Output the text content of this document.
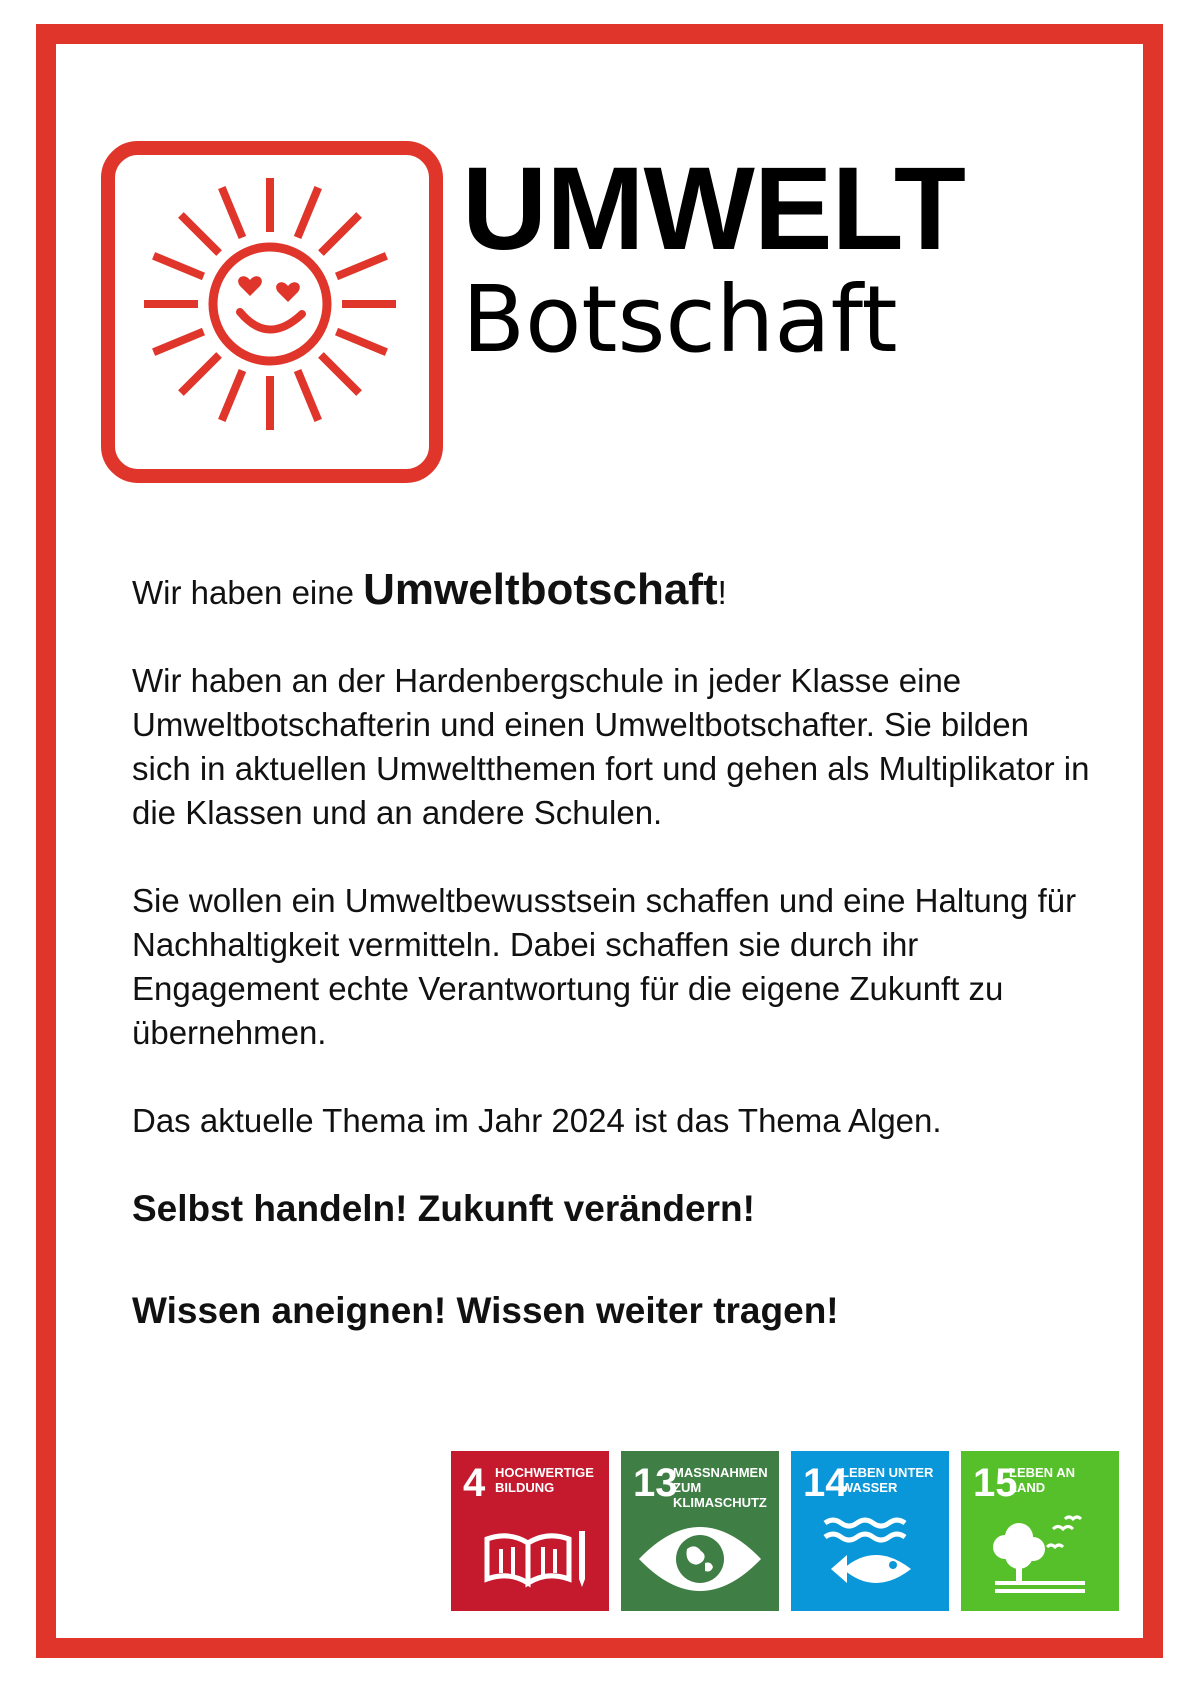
UMWELT
Botschaft

Wir haben eine Umweltbotschaft!

Wir haben an der Hardenbergschule in jeder Klasse eine Umweltbotschafterin und einen Umweltbotschafter. Sie bilden sich in aktuellen Umweltthemen fort und gehen als Multiplikator in die Klassen und an andere Schulen.

Sie wollen ein Umweltbewusstsein schaffen und eine Haltung für Nachhaltigkeit vermitteln. Dabei schaffen sie durch ihr Engagement echte Verantwortung für die eigene Zukunft zu übernehmen.

Das aktuelle Thema im Jahr 2024 ist das Thema Algen.

Selbst handeln! Zukunft verändern!

Wissen aneignen! Wissen weiter tragen!

4 HOCHWERTIGE BILDUNG	13
MASSNAHMEN ZUM KLIMASCHUTZ 14
LEBEN UNTER WASSER	15
LEBEN AN LAND
